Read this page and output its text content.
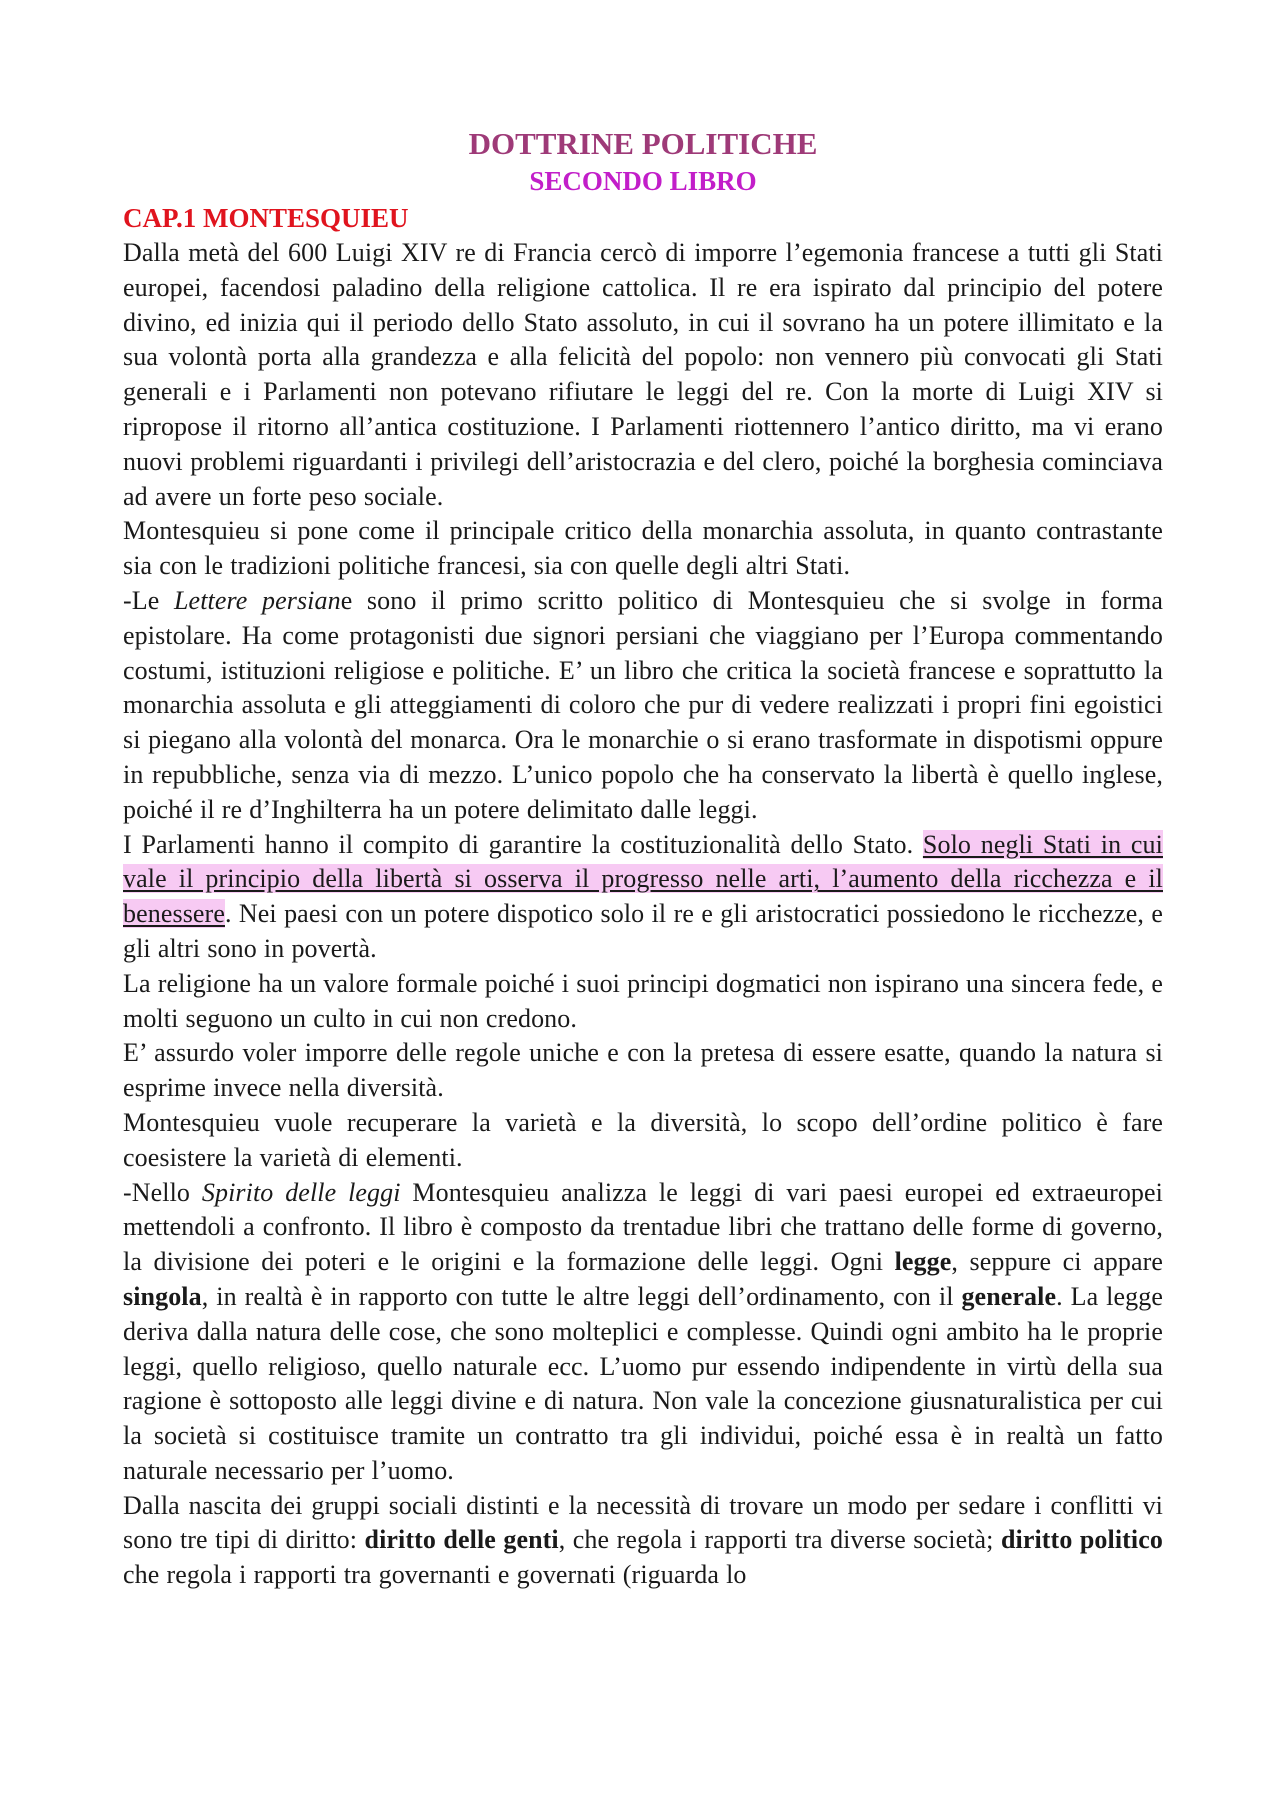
DOTTRINE POLITICHE
SECONDO LIBRO
CAP.1 MONTESQUIEU

Dalla metà del 600 Luigi XIV re di Francia cercò di imporre l’egemonia francese a tutti gli Stati europei, facendosi paladino della religione cattolica. Il re era ispirato dal principio del potere divino, ed inizia qui il periodo dello Stato assoluto, in cui il sovrano ha un potere illimitato e la sua volontà porta alla grandezza e alla felicità del popolo: non vennero più convocati gli Stati generali e i Parlamenti non potevano rifiutare le leggi del re. Con la morte di Luigi XIV si ripropose il ritorno all’antica costituzione. I Parlamenti riottennero l’antico diritto, ma vi erano nuovi problemi riguardanti i privilegi dell’aristocrazia e del clero, poiché la borghesia cominciava ad avere un forte peso sociale.

Montesquieu si pone come il principale critico della monarchia assoluta, in quanto contrastante sia con le tradizioni politiche francesi, sia con quelle degli altri Stati.

-Le Lettere persiane sono il primo scritto politico di Montesquieu che si svolge in forma epistolare. Ha come protagonisti due signori persiani che viaggiano per l’Europa commentando costumi, istituzioni religiose e politiche. E’ un libro che critica la società francese e soprattutto la monarchia assoluta e gli atteggiamenti di coloro che pur di vedere realizzati i propri fini egoistici si piegano alla volontà del monarca. Ora le monarchie o si erano trasformate in dispotismi oppure in repubbliche, senza via di mezzo. L’unico popolo che ha conservato la libertà è quello inglese, poiché il re d’Inghilterra ha un potere delimitato dalle leggi.

I Parlamenti hanno il compito di garantire la costituzionalità dello Stato. Solo negli Stati in cui vale il principio della libertà si osserva il progresso nelle arti, l’aumento della ricchezza e il benessere. Nei paesi con un potere dispotico solo il re e gli aristocratici possiedono le ricchezze, e gli altri sono in povertà.

La religione ha un valore formale poiché i suoi principi dogmatici non ispirano una sincera fede, e molti seguono un culto in cui non credono.

E’ assurdo voler imporre delle regole uniche e con la pretesa di essere esatte, quando la natura si esprime invece nella diversità.

Montesquieu vuole recuperare la varietà e la diversità, lo scopo dell’ordine politico è fare coesistere la varietà di elementi.

-Nello Spirito delle leggi Montesquieu analizza le leggi di vari paesi europei ed extraeuropei mettendoli a confronto. Il libro è composto da trentadue libri che trattano delle forme di governo, la divisione dei poteri e le origini e la formazione delle leggi. Ogni legge, seppure ci appare singola, in realtà è in rapporto con tutte le altre leggi dell’ordinamento, con il generale. La legge deriva dalla natura delle cose, che sono molteplici e complesse. Quindi ogni ambito ha le proprie leggi, quello religioso, quello naturale ecc. L’uomo pur essendo indipendente in virtù della sua ragione è sottoposto alle leggi divine e di natura. Non vale la concezione giusnaturalistica per cui la società si costituisce tramite un contratto tra gli individui, poiché essa è in realtà un fatto naturale necessario per l’uomo.

Dalla nascita dei gruppi sociali distinti e la necessità di trovare un modo per sedare i conflitti vi sono tre tipi di diritto: diritto delle genti, che regola i rapporti tra diverse società; diritto politico che regola i rapporti tra governanti e governati (riguarda lo
